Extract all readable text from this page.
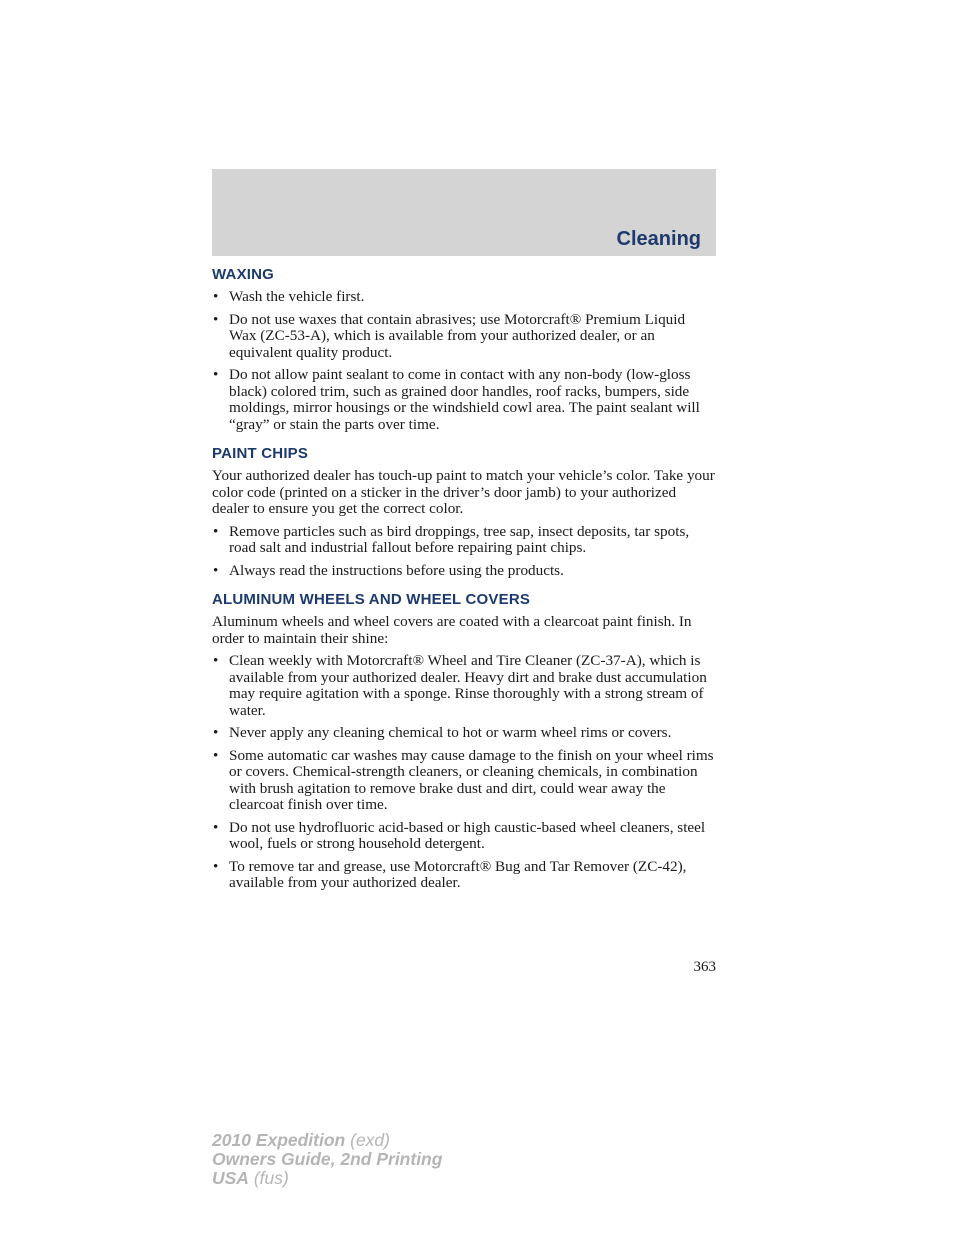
Cleaning
WAXING
• Wash the vehicle first.
• Do not use waxes that contain abrasives; use Motorcraft® Premium Liquid Wax (ZC-53-A), which is available from your authorized dealer, or an equivalent quality product.
• Do not allow paint sealant to come in contact with any non-body (low-gloss black) colored trim, such as grained door handles, roof racks, bumpers, side moldings, mirror housings or the windshield cowl area. The paint sealant will “gray” or stain the parts over time.
PAINT CHIPS

Your authorized dealer has touch-up paint to match your vehicle’s color. Take your color code (printed on a sticker in the driver’s door jamb) to your authorized dealer to ensure you get the correct color.

• Remove particles such as bird droppings, tree sap, insect deposits, tar spots, road salt and industrial fallout before repairing paint chips.
• Always read the instructions before using the products.
ALUMINUM WHEELS AND WHEEL COVERS

Aluminum wheels and wheel covers are coated with a clearcoat paint finish. In order to maintain their shine:

• Clean weekly with Motorcraft® Wheel and Tire Cleaner (ZC-37-A), which is available from your authorized dealer. Heavy dirt and brake dust accumulation may require agitation with a sponge. Rinse thoroughly with a strong stream of water.
• Never apply any cleaning chemical to hot or warm wheel rims or covers.
• Some automatic car washes may cause damage to the finish on your wheel rims or covers. Chemical-strength cleaners, or cleaning chemicals, in combination with brush agitation to remove brake dust and dirt, could wear away the clearcoat finish over time.
• Do not use hydrofluoric acid-based or high caustic-based wheel cleaners, steel wool, fuels or strong household detergent.
• To remove tar and grease, use Motorcraft® Bug and Tar Remover (ZC-42), available from your authorized dealer.

363

2010 Expedition (exd)
Owners Guide, 2nd Printing
USA (fus)
